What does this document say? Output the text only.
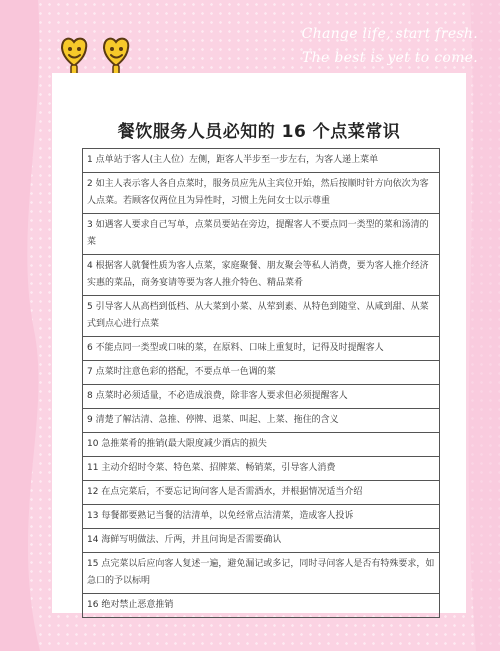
Change life, start fresh.
The best is yet to come.
餐饮服务人员必知的 16 个点菜常识
1 点单站于客人(主人位）左侧，距客人半步至一步左右，为客人递上菜单
2 如主人表示客人各自点菜时，服务员应先从主宾位开始，然后按顺时针方向依次为客人点菜。若顾客仅两位且为异性时，习惯上先问女士以示尊重
3 如遇客人要求自己写单，点菜员要站在旁边，提醒客人不要点同一类型的菜和汤清的菜
4 根据客人就餐性质为客人点菜，家庭聚餐、朋友聚会等私人消费，要为客人推介经济实惠的菜品，商务宴请等要为客人推介特色、精品菜肴
5 引导客人从高档到低档、从大菜到小菜、从荤到素、从特色到随堂、从咸到甜、从菜式到点心进行点菜
6 不能点同一类型或口味的菜，在原料、口味上重复时，记得及时提醒客人
7 点菜时注意色彩的搭配，不要点单一色调的菜
8 点菜时必须适量，不必造成浪费，除非客人要求但必须提醒客人
9 清楚了解沽清、急推、停牌、退菜、叫起、上菜、拖住的含义
10 急推菜肴的推销(最大限度减少酒店的损失
11 主动介绍时令菜、特色菜、招牌菜、畅销菜，引导客人消费
12 在点完菜后，不要忘记询问客人是否需酒水，并根据情况适当介绍
13 每餐都要熟记当餐的沽清单，以免经常点沽清菜，造成客人投诉
14 海鲜写明做法、斤两，并且问询是否需要确认
15 点完菜以后应向客人复述一遍，避免漏记或多记，同时寻问客人是否有特殊要求，如急口的予以标明
16 绝对禁止恶意推销
